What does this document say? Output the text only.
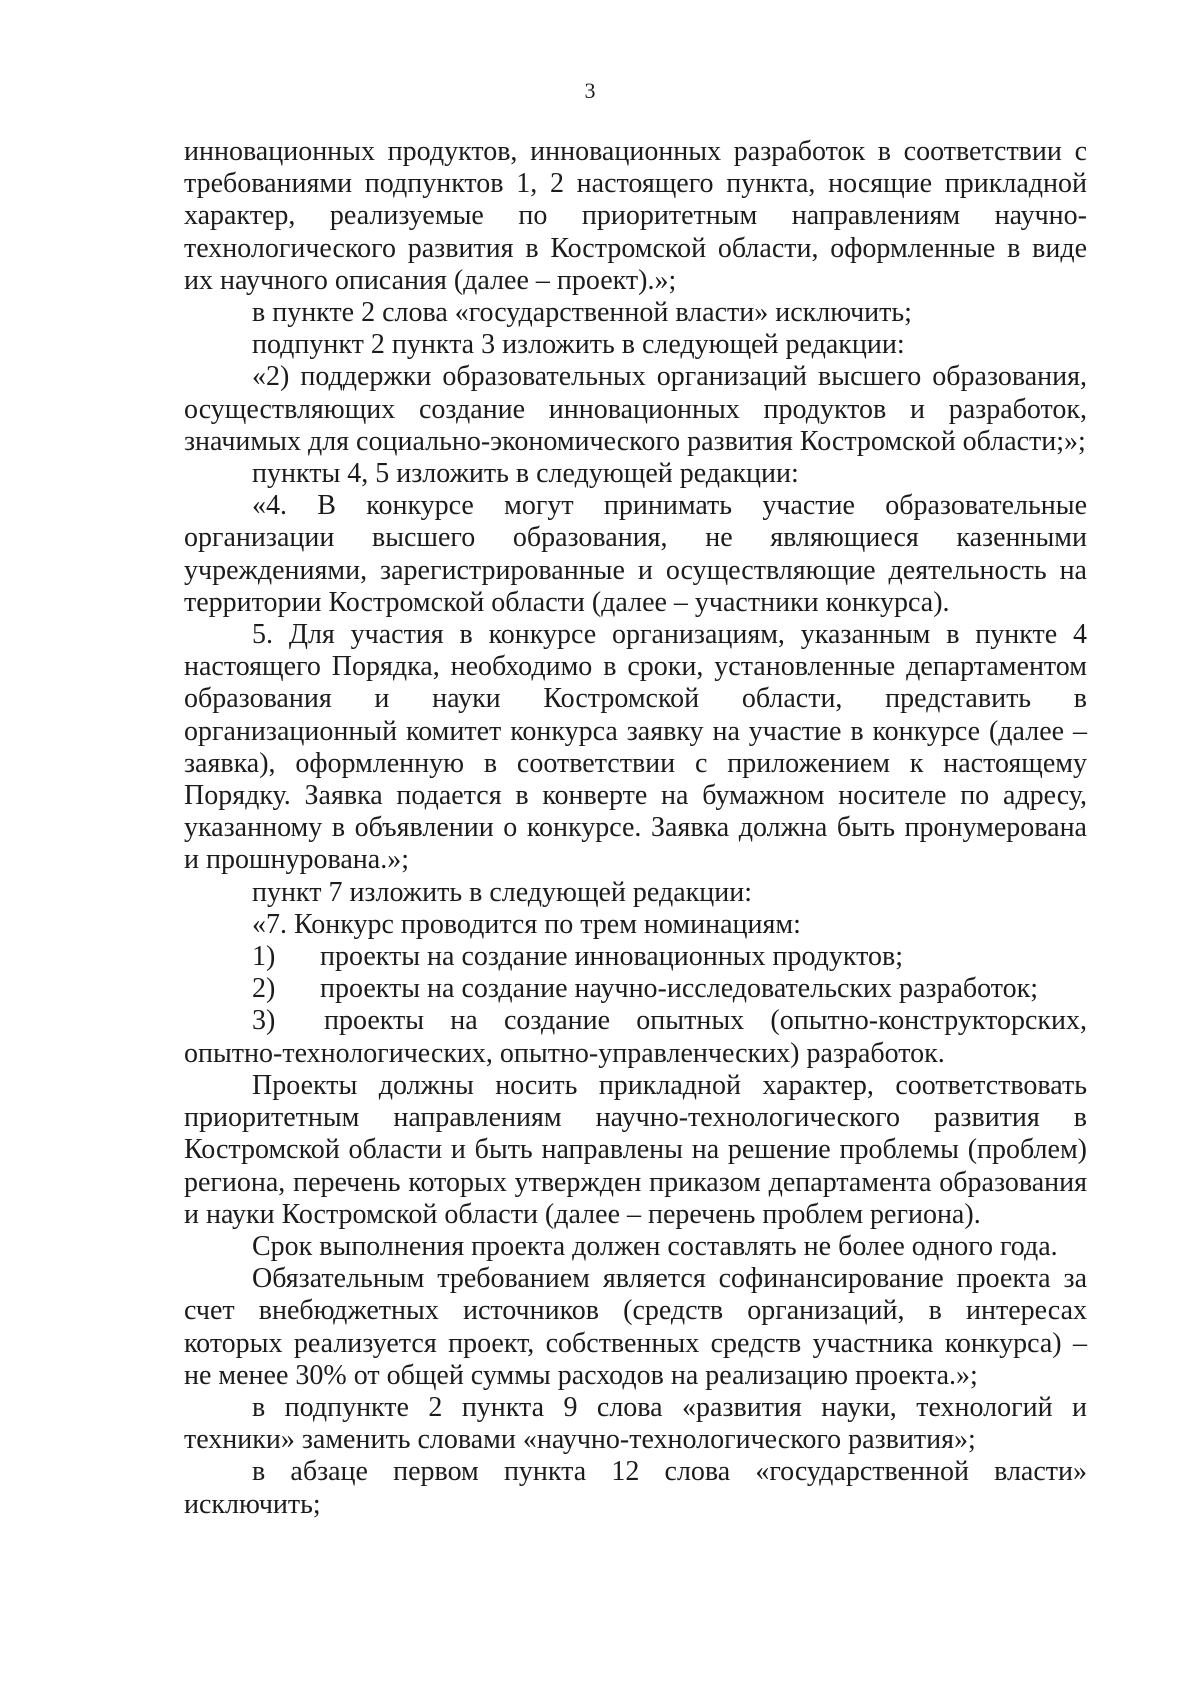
3

инновационных продуктов, инновационных разработок в соответствии с требованиями подпунктов 1, 2 настоящего пункта, носящие прикладной характер, реализуемые по приоритетным направлениям научно-технологического развития в Костромской области, оформленные в виде их научного описания (далее – проект).»;

в пункте 2 слова «государственной власти» исключить;

подпункт 2 пункта 3 изложить в следующей редакции:

«2) поддержки образовательных организаций высшего образования, осуществляющих создание инновационных продуктов и разработок, значимых для социально-экономического развития Костромской области;»;

пункты 4, 5 изложить в следующей редакции:

«4. В конкурсе могут принимать участие образовательные организации высшего образования, не являющиеся казенными учреждениями, зарегистрированные и осуществляющие деятельность на территории Костромской области (далее – участники конкурса).

5. Для участия в конкурсе организациям, указанным в пункте 4 настоящего Порядка, необходимо в сроки, установленные департаментом образования и науки Костромской области, представить в организационный комитет конкурса заявку на участие в конкурсе (далее – заявка), оформленную в соответствии с приложением к настоящему Порядку. Заявка подается в конверте на бумажном носителе по адресу, указанному в объявлении о конкурсе. Заявка должна быть пронумерована и прошнурована.»;

пункт 7 изложить в следующей редакции:

«7. Конкурс проводится по трем номинациям:

1)	проекты на создание инновационных продуктов;
2)	проекты на создание научно-исследовательских разработок;

3) проекты на создание опытных (опытно-конструкторских, опытно-технологических, опытно-управленческих) разработок.

Проекты должны носить прикладной характер, соответствовать приоритетным направлениям научно-технологического развития в Костромской области и быть направлены на решение проблемы (проблем) региона, перечень которых утвержден приказом департамента образования и науки Костромской области (далее – перечень проблем региона).

Срок выполнения проекта должен составлять не более одного года.

Обязательным требованием является софинансирование проекта за счет внебюджетных источников (средств организаций, в интересах которых реализуется проект, собственных средств участника конкурса) – не менее 30% от общей суммы расходов на реализацию проекта.»;

в подпункте 2 пункта 9 слова «развития науки, технологий и техники» заменить словами «научно-технологического развития»;

в абзаце первом пункта 12 слова «государственной власти» исключить;
